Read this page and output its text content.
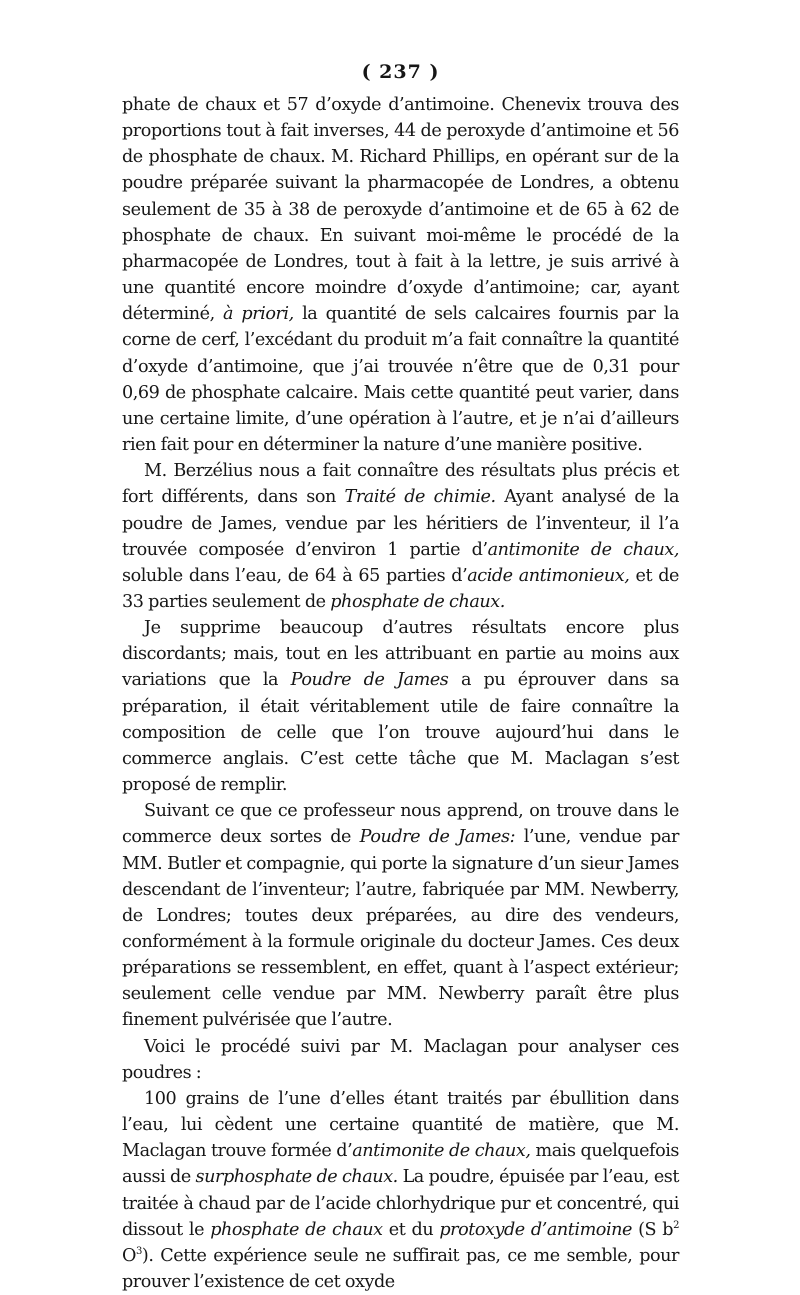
( 237 )

phate de chaux et 57 d’oxyde d’antimoine. Chenevix trouva des proportions tout à fait inverses, 44 de peroxyde d’antimoine et 56 de phosphate de chaux. M. Richard Phillips, en opérant sur de la poudre préparée suivant la pharmacopée de Londres, a obtenu seulement de 35 à 38 de peroxyde d’antimoine et de 65 à 62 de phosphate de chaux. En suivant moi-même le procédé de la pharmacopée de Londres, tout à fait à la lettre, je suis arrivé à une quantité encore moindre d’oxyde d’antimoine; car, ayant déterminé, à priori, la quantité de sels calcaires fournis par la corne de cerf, l’excédant du produit m’a fait connaître la quantité d’oxyde d’antimoine, que j’ai trouvée n’être que de 0,31 pour 0,69 de phosphate calcaire. Mais cette quantité peut varier, dans une certaine limite, d’une opération à l’autre, et je n’ai d’ailleurs rien fait pour en déterminer la nature d’une manière positive.

M. Berzélius nous a fait connaître des résultats plus précis et fort différents, dans son Traité de chimie. Ayant analysé de la poudre de James, vendue par les héritiers de l’inventeur, il l’a trouvée composée d’environ 1 partie d’antimonite de chaux, soluble dans l’eau, de 64 à 65 parties d’acide antimonieux, et de 33 parties seulement de phosphate de chaux.

Je supprime beaucoup d’autres résultats encore plus discordants; mais, tout en les attribuant en partie au moins aux variations que la Poudre de James a pu éprouver dans sa préparation, il était véritablement utile de faire connaître la composition de celle que l’on trouve aujourd’hui dans le commerce anglais. C’est cette tâche que M. Maclagan s’est proposé de remplir.

Suivant ce que ce professeur nous apprend, on trouve dans le commerce deux sortes de Poudre de James: l’une, vendue par MM. Butler et compagnie, qui porte la signature d’un sieur James descendant de l’inventeur; l’autre, fabriquée par MM. Newberry, de Londres; toutes deux préparées, au dire des vendeurs, conformément à la formule originale du docteur James. Ces deux préparations se ressemblent, en effet, quant à l’aspect extérieur; seulement celle vendue par MM. Newberry paraît être plus finement pulvérisée que l’autre.

Voici le procédé suivi par M. Maclagan pour analyser ces poudres :

100 grains de l’une d’elles étant traités par ébullition dans l’eau, lui cèdent une certaine quantité de matière, que M. Maclagan trouve formée d’antimonite de chaux, mais quelquefois aussi de surphosphate de chaux. La poudre, épuisée par l’eau, est traitée à chaud par de l’acide chlorhydrique pur et concentré, qui dissout le phosphate de chaux et du protoxyde d’antimoine (S $b^2$ $O^3$). Cette expérience seule ne suffirait pas, ce me semble, pour prouver l’existence de cet oxyde
